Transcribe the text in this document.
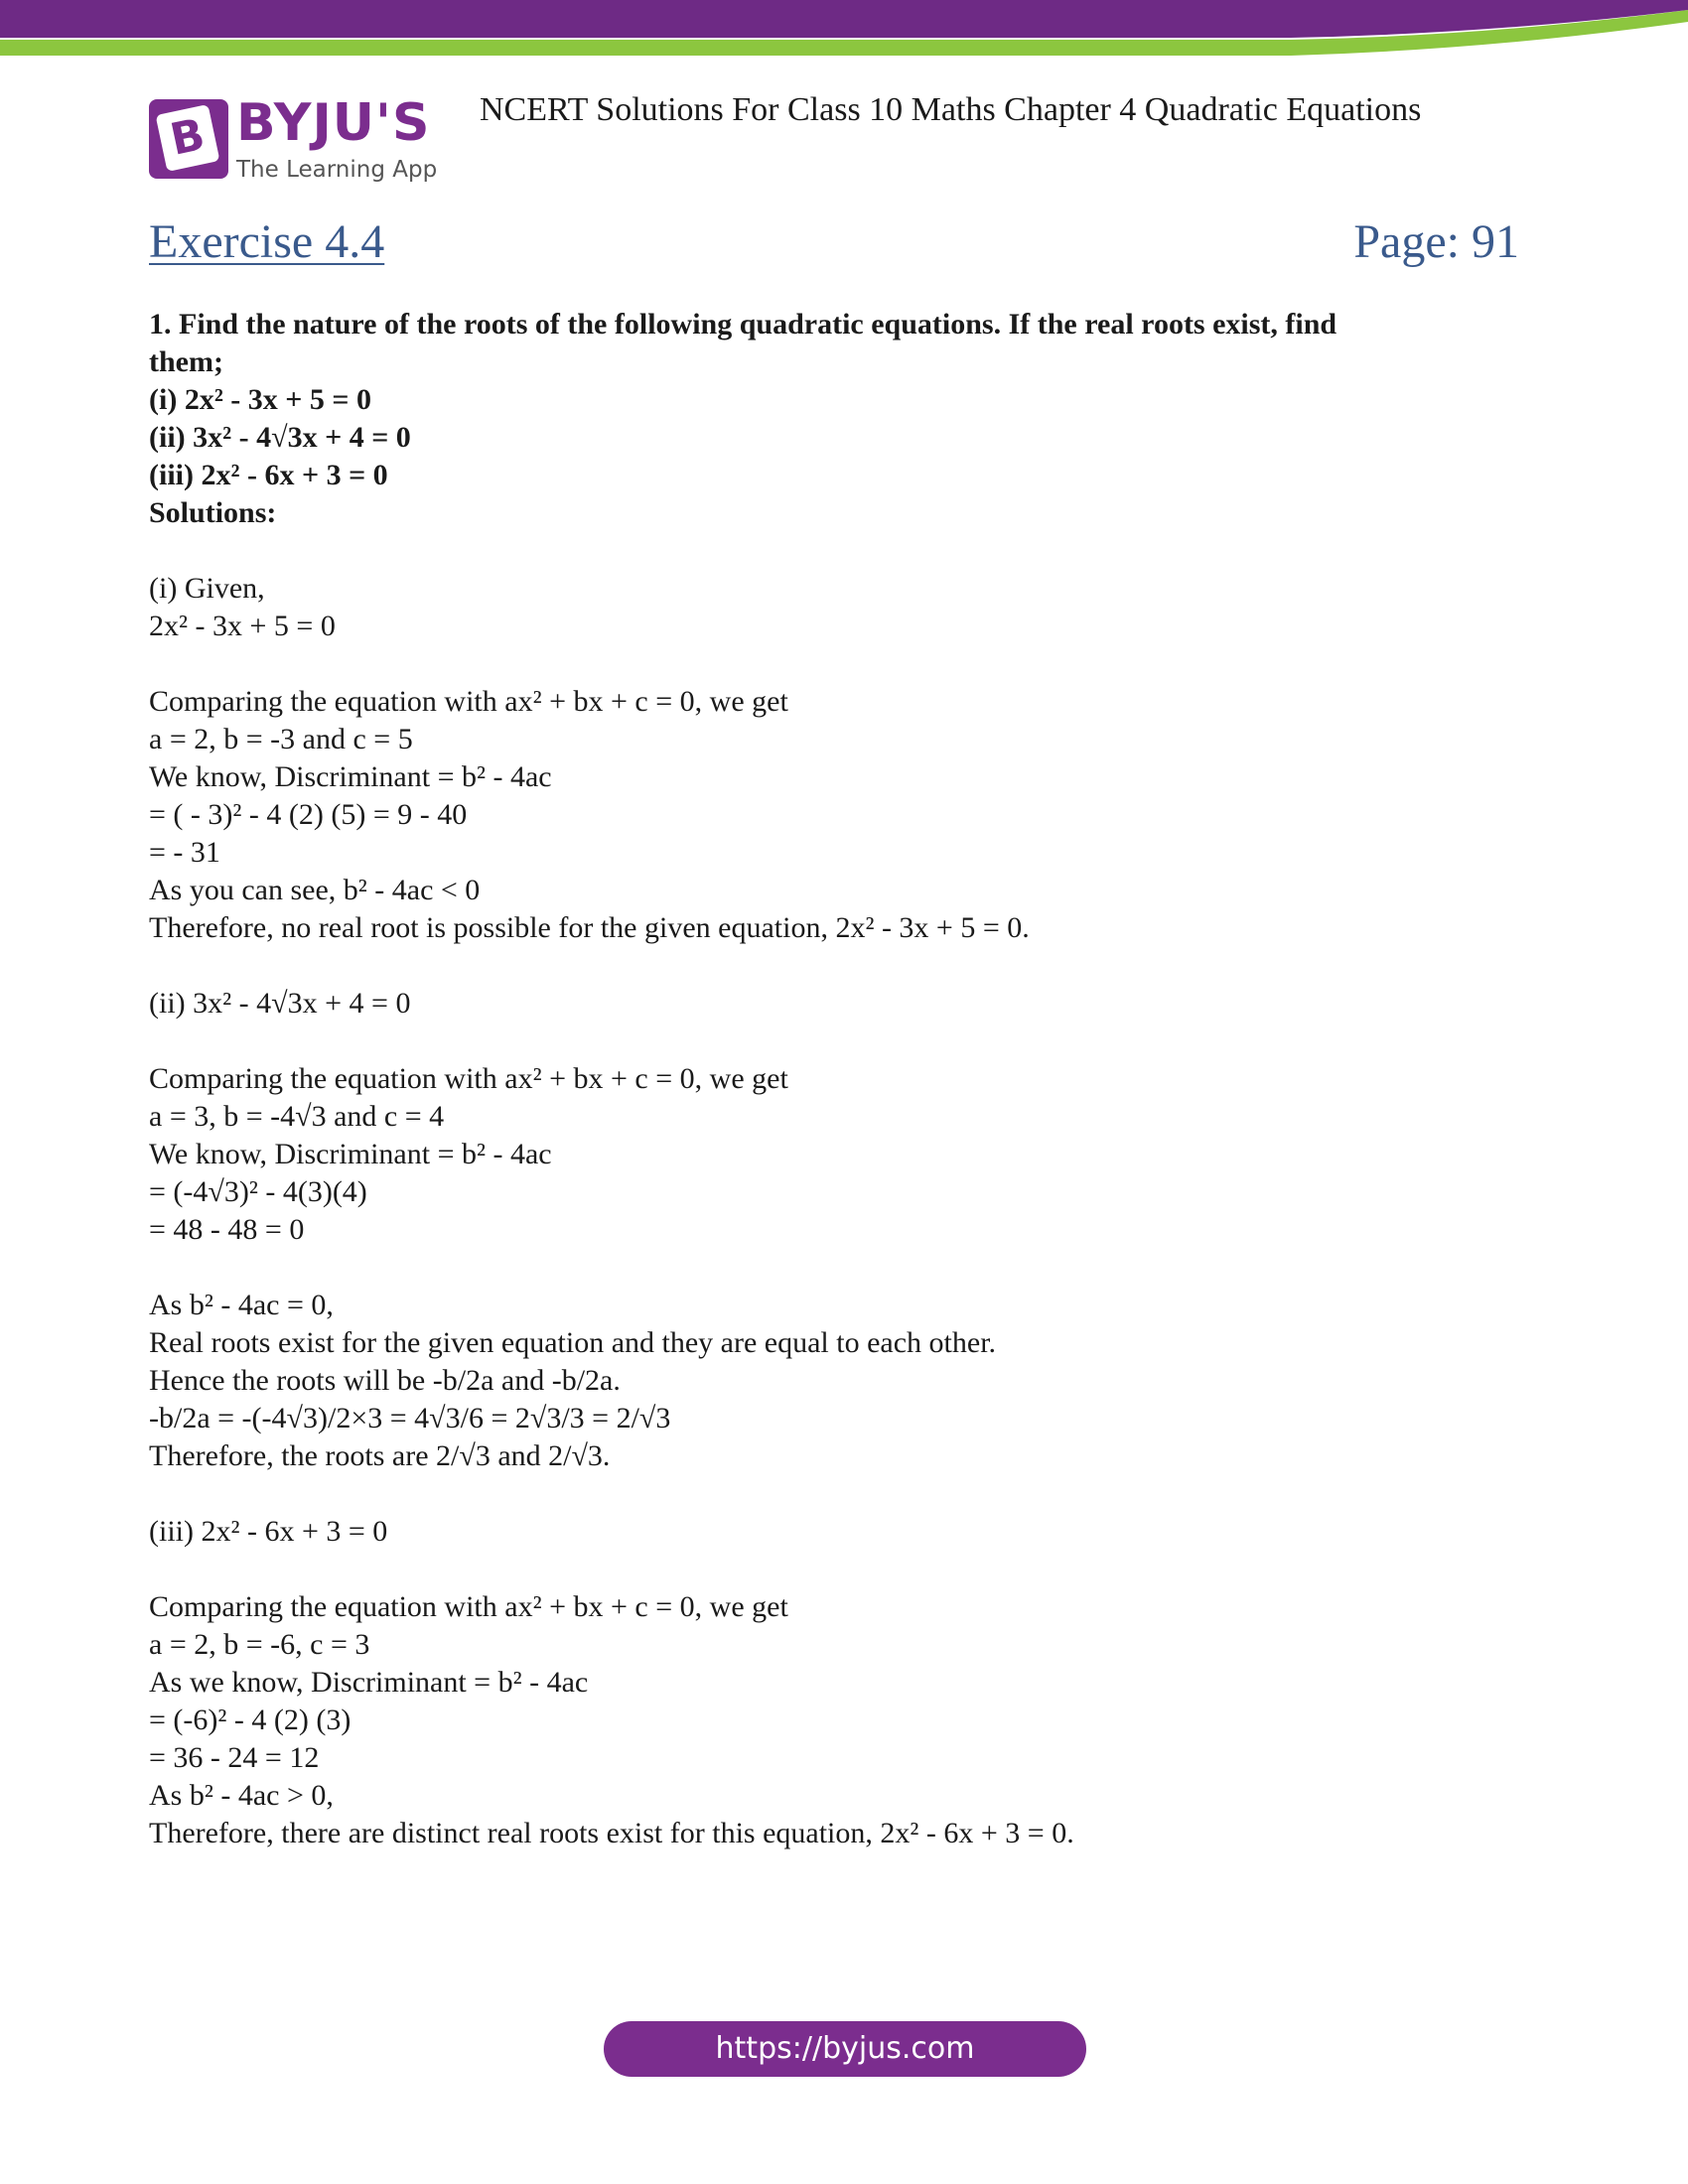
B BYJU'S
The Learning App
NCERT Solutions For Class 10 Maths Chapter 4 Quadratic Equations
Exercise 4.4	Page: 91
1. Find the nature of the roots of the following quadratic equations. If the real roots exist, find
them;
(i) 2x² - 3x + 5 = 0
(ii) 3x² - 4√3x + 4 = 0
(iii) 2x² - 6x + 3 = 0
Solutions:
(i) Given,
2x² - 3x + 5 = 0
Comparing the equation with ax² + bx + c = 0, we get
a = 2, b = -3 and c = 5
We know, Discriminant = b² - 4ac
= ( - 3)² - 4 (2) (5) = 9 - 40
= - 31
As you can see, b² - 4ac < 0
Therefore, no real root is possible for the given equation, 2x² - 3x + 5 = 0.
(ii) 3x² - 4√3x + 4 = 0
Comparing the equation with ax² + bx + c = 0, we get
a = 3, b = -4√3 and c = 4
We know, Discriminant = b² - 4ac
= (-4√3)² - 4(3)(4)
= 48 - 48 = 0
As b² - 4ac = 0,
Real roots exist for the given equation and they are equal to each other.
Hence the roots will be -b/2a and -b/2a.
-b/2a = -(-4√3)/2×3 = 4√3/6 = 2√3/3 = 2/√3
Therefore, the roots are 2/√3 and 2/√3.
(iii) 2x² - 6x + 3 = 0
Comparing the equation with ax² + bx + c = 0, we get
a = 2, b = -6, c = 3
As we know, Discriminant = b² - 4ac
= (-6)² - 4 (2) (3)
= 36 - 24 = 12
As b² - 4ac > 0,
Therefore, there are distinct real roots exist for this equation, 2x² - 6x + 3 = 0.
https://byjus.com
